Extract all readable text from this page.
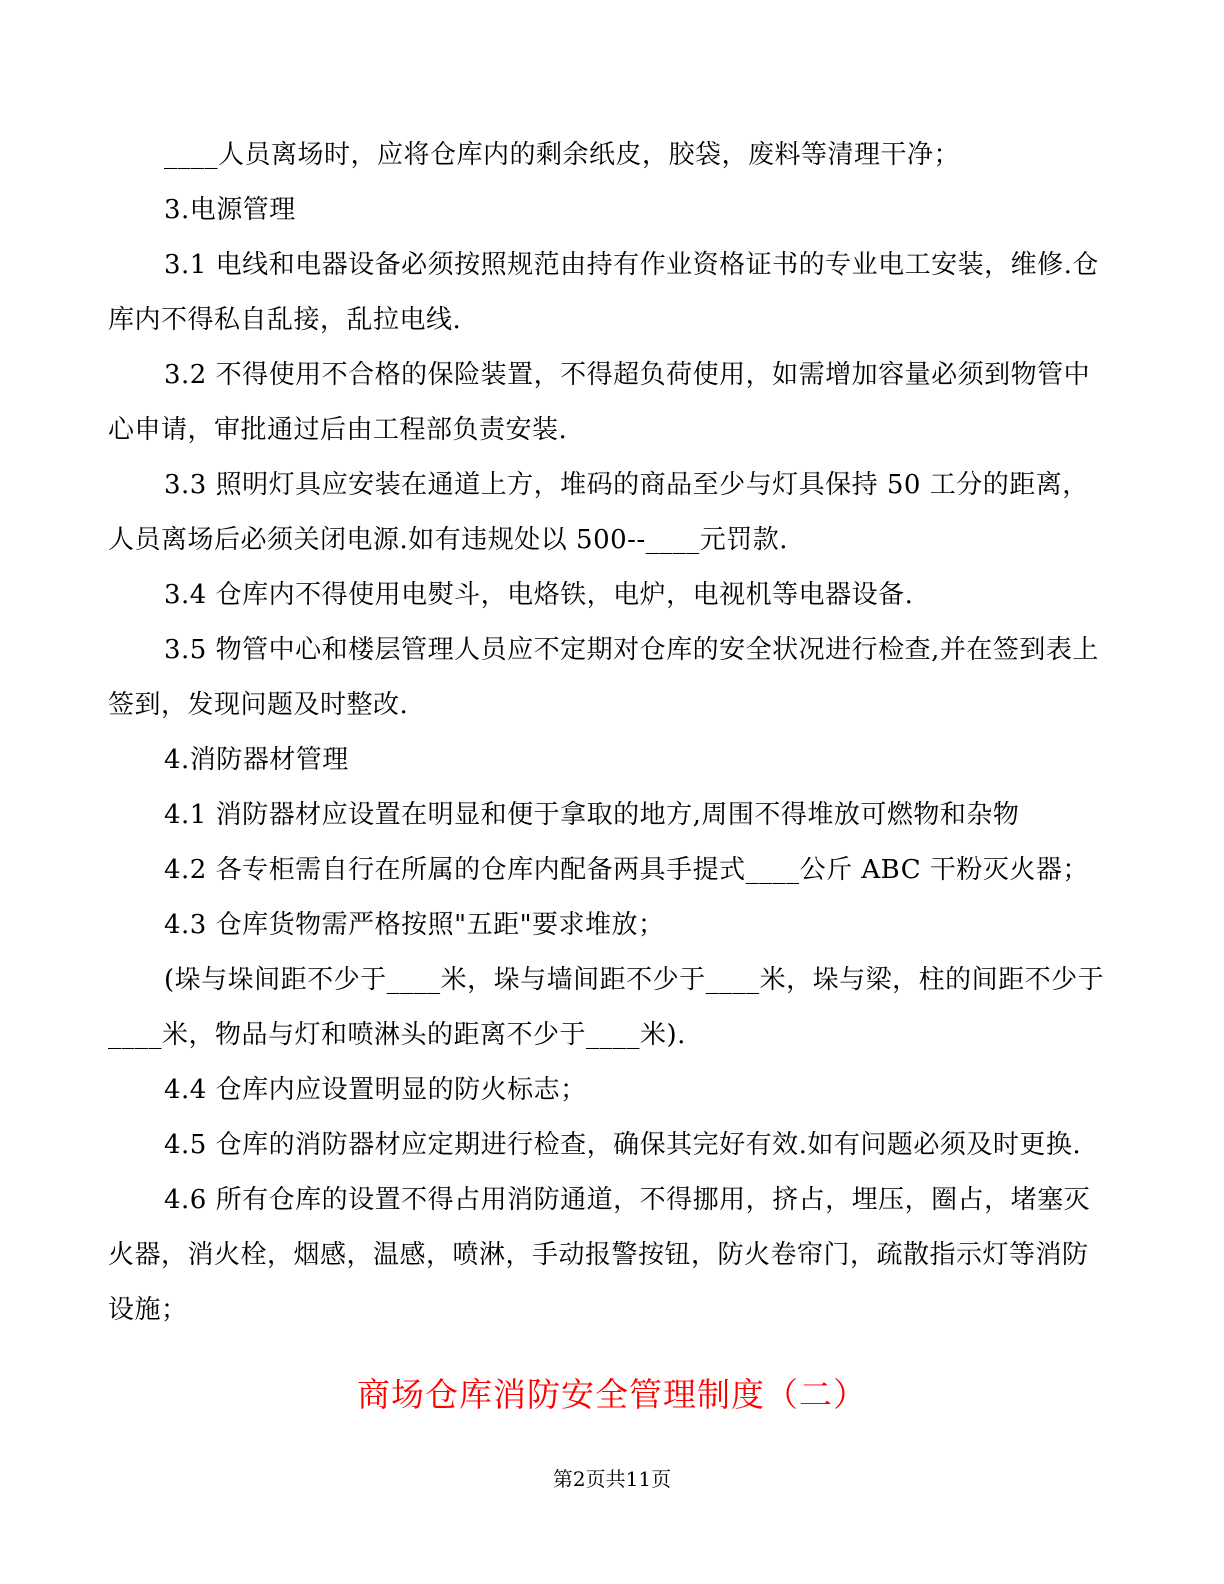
____人员离场时，应将仓库内的剩余纸皮，胶袋，废料等清理干净；

3.电源管理

3.1 电线和电器设备必须按照规范由持有作业资格证书的专业电工安装，维修.仓库内不得私自乱接，乱拉电线.

3.2 不得使用不合格的保险装置，不得超负荷使用，如需增加容量必须到物管中心申请，审批通过后由工程部负责安装.

3.3 照明灯具应安装在通道上方，堆码的商品至少与灯具保持 50 工分的距离，人员离场后必须关闭电源.如有违规处以 500--____元罚款.

3.4 仓库内不得使用电熨斗，电烙铁，电炉，电视机等电器设备.

3.5 物管中心和楼层管理人员应不定期对仓库的安全状况进行检查,并在签到表上签到，发现问题及时整改.

4.消防器材管理

4.1 消防器材应设置在明显和便于拿取的地方,周围不得堆放可燃物和杂物

4.2 各专柜需自行在所属的仓库内配备两具手提式____公斤 ABC 干粉灭火器；

4.3 仓库货物需严格按照"五距"要求堆放；

(垛与垛间距不少于____米，垛与墙间距不少于____米，垛与梁，柱的间距不少于____米，物品与灯和喷淋头的距离不少于____米).

4.4 仓库内应设置明显的防火标志；

4.5 仓库的消防器材应定期进行检查，确保其完好有效.如有问题必须及时更换.

4.6 所有仓库的设置不得占用消防通道，不得挪用，挤占，埋压，圈占，堵塞灭火器，消火栓，烟感，温感，喷淋，手动报警按钮，防火卷帘门，疏散指示灯等消防设施；

商场仓库消防安全管理制度（二）
第2页共11页
